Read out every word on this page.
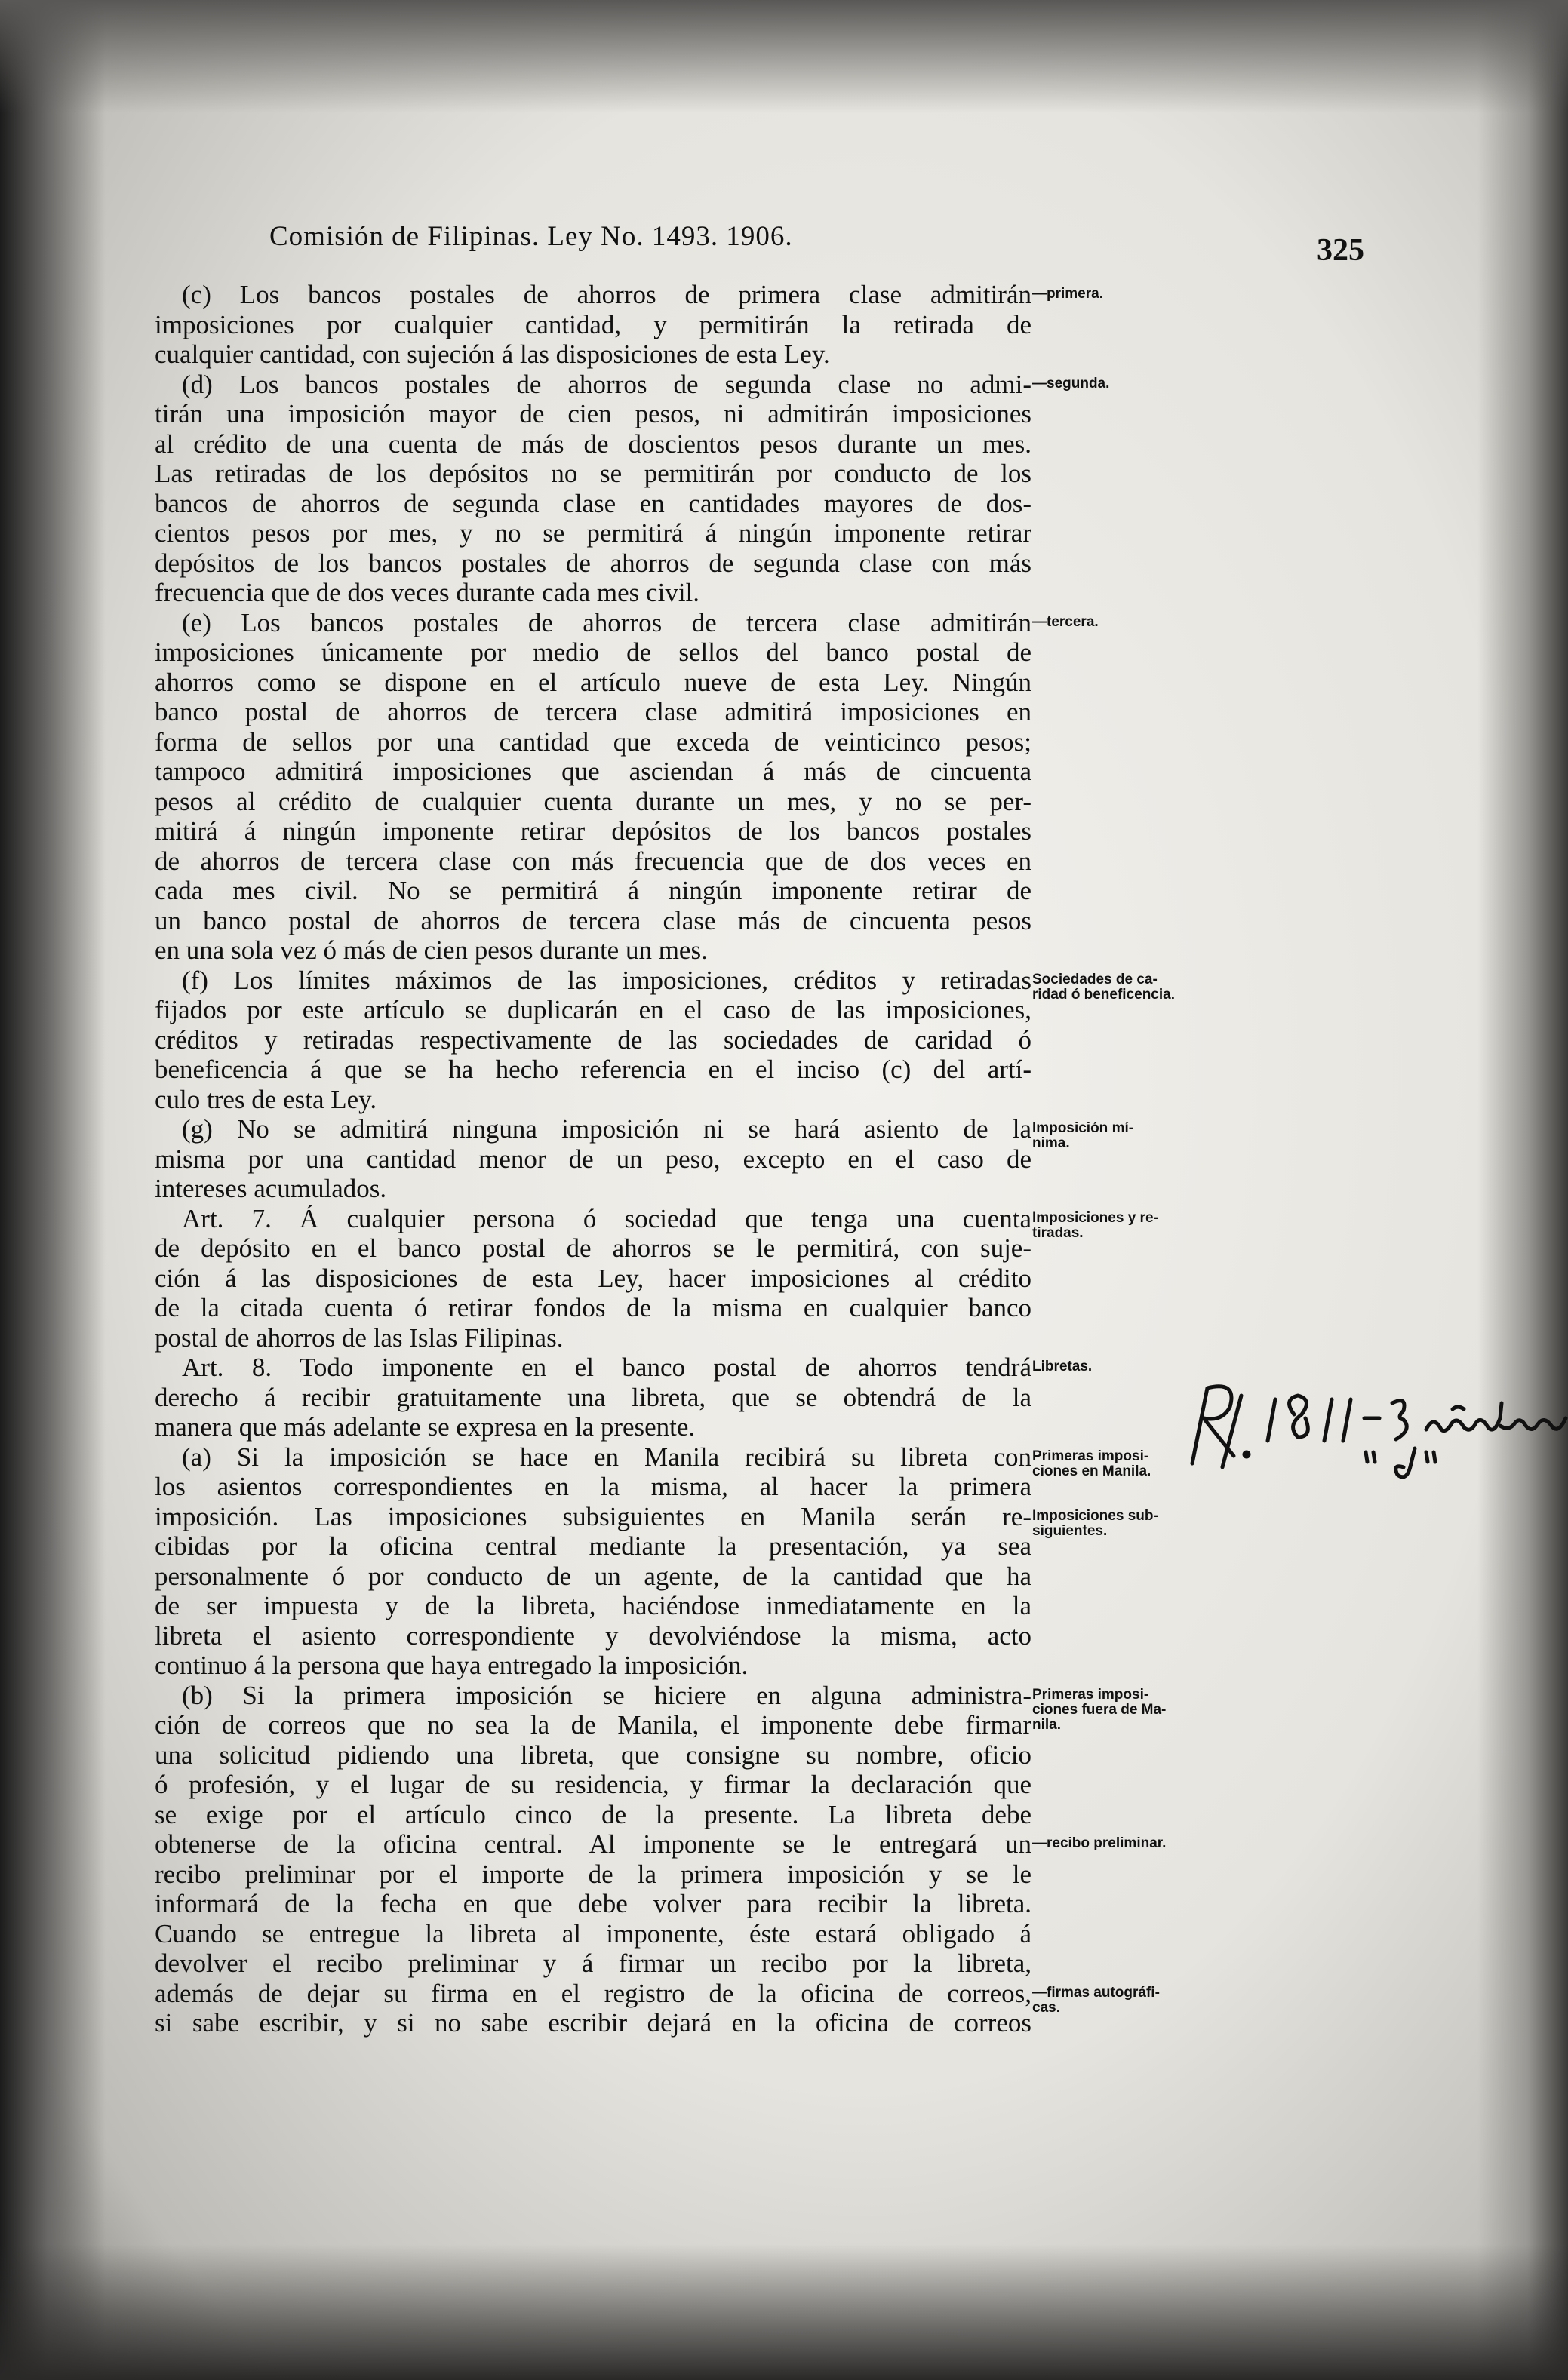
Comisión de Filipinas. Ley No. 1493. 1906.	325
(c) Los bancos postales de ahorros de primera clase admitirán
imposiciones por cualquier cantidad, y permitirán la retirada de
cualquier cantidad, con sujeción á las disposiciones de esta Ley.
(d) Los bancos postales de ahorros de segunda clase no admi-
tirán una imposición mayor de cien pesos, ni admitirán imposiciones
al crédito de una cuenta de más de doscientos pesos durante un mes.
Las retiradas de los depósitos no se permitirán por conducto de los
bancos de ahorros de segunda clase en cantidades mayores de dos-
cientos pesos por mes, y no se permitirá á ningún imponente retirar
depósitos de los bancos postales de ahorros de segunda clase con más
frecuencia que de dos veces durante cada mes civil.
(e) Los bancos postales de ahorros de tercera clase admitirán
imposiciones únicamente por medio de sellos del banco postal de
ahorros como se dispone en el artículo nueve de esta Ley. Ningún
banco postal de ahorros de tercera clase admitirá imposiciones en
forma de sellos por una cantidad que exceda de veinticinco pesos;
tampoco admitirá imposiciones que asciendan á más de cincuenta
pesos al crédito de cualquier cuenta durante un mes, y no se per-
mitirá á ningún imponente retirar depósitos de los bancos postales
de ahorros de tercera clase con más frecuencia que de dos veces en
cada mes civil. No se permitirá á ningún imponente retirar de
un banco postal de ahorros de tercera clase más de cincuenta pesos
en una sola vez ó más de cien pesos durante un mes.
(f) Los límites máximos de las imposiciones, créditos y retiradas
fijados por este artículo se duplicarán en el caso de las imposiciones,
créditos y retiradas respectivamente de las sociedades de caridad ó
beneficencia á que se ha hecho referencia en el inciso (c) del artí-
culo tres de esta Ley.
(g) No se admitirá ninguna imposición ni se hará asiento de la
misma por una cantidad menor de un peso, excepto en el caso de
intereses acumulados.
Art. 7. Á cualquier persona ó sociedad que tenga una cuenta
de depósito en el banco postal de ahorros se le permitirá, con suje-
ción á las disposiciones de esta Ley, hacer imposiciones al crédito
de la citada cuenta ó retirar fondos de la misma en cualquier banco
postal de ahorros de las Islas Filipinas.
Art. 8. Todo imponente en el banco postal de ahorros tendrá
derecho á recibir gratuitamente una libreta, que se obtendrá de la
manera que más adelante se expresa en la presente.
(a) Si la imposición se hace en Manila recibirá su libreta con
los asientos correspondientes en la misma, al hacer la primera
imposición. Las imposiciones subsiguientes en Manila serán re-
cibidas por la oficina central mediante la presentación, ya sea
personalmente ó por conducto de un agente, de la cantidad que ha
de ser impuesta y de la libreta, haciéndose inmediatamente en la
libreta el asiento correspondiente y devolviéndose la misma, acto
continuo á la persona que haya entregado la imposición.
(b) Si la primera imposición se hiciere en alguna administra-
ción de correos que no sea la de Manila, el imponente debe firmar
una solicitud pidiendo una libreta, que consigne su nombre, oficio
ó profesión, y el lugar de su residencia, y firmar la declaración que
se exige por el artículo cinco de la presente. La libreta debe
obtenerse de la oficina central. Al imponente se le entregará un
recibo preliminar por el importe de la primera imposición y se le
informará de la fecha en que debe volver para recibir la libreta.
Cuando se entregue la libreta al imponente, éste estará obligado á
devolver el recibo preliminar y á firmar un recibo por la libreta,
además de dejar su firma en el registro de la oficina de correos,
si sabe escribir, y si no sabe escribir dejará en la oficina de correos
—primera.
—segunda.
—tercera.
Sociedades de ca-
ridad ó beneficencia.
Imposición mí-
nima.
Imposiciones y re-
tiradas.
Libretas.
Primeras imposi-
ciones en Manila.
Imposiciones sub-
siguientes.
Primeras imposi-
ciones fuera de Ma-
nila.
—recibo preliminar.
—firmas autográfi-
cas.
